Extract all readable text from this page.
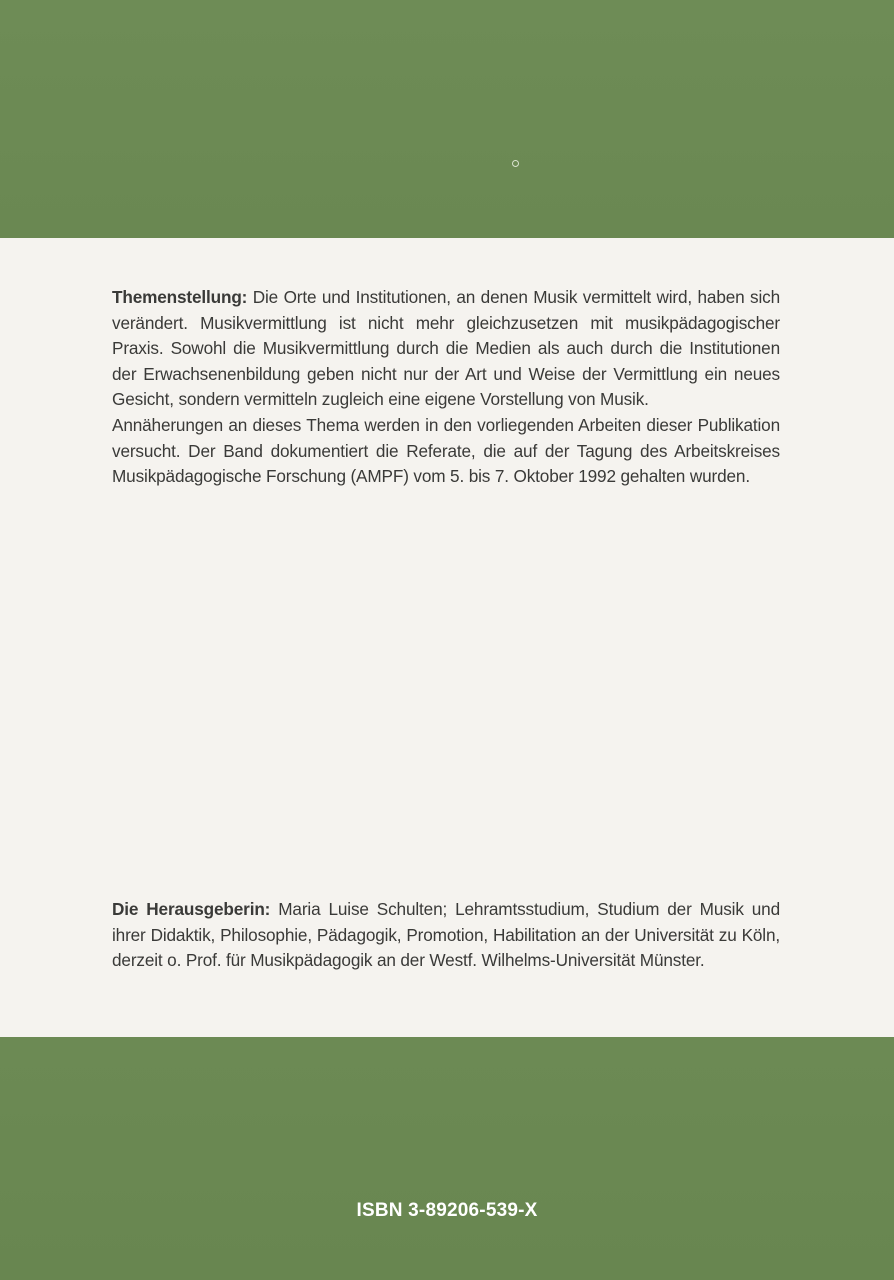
Themenstellung: Die Orte und Institutionen, an denen Musik vermittelt wird, haben sich verändert. Musikvermittlung ist nicht mehr gleichzusetzen mit musikpädagogischer Praxis. Sowohl die Musikvermittlung durch die Medien als auch durch die Institutionen der Erwachsenenbildung geben nicht nur der Art und Weise der Vermittlung ein neues Gesicht, sondern vermitteln zugleich eine eigene Vorstellung von Musik.

Annäherungen an dieses Thema werden in den vorliegenden Arbeiten dieser Publikation versucht. Der Band dokumentiert die Referate, die auf der Tagung des Arbeitskreises Musikpädagogische Forschung (AMPF) vom 5. bis 7. Oktober 1992 gehalten wurden.

Die Herausgeberin: Maria Luise Schulten; Lehramtsstudium, Studium der Musik und ihrer Didaktik, Philosophie, Pädagogik, Promotion, Habilitation an der Universität zu Köln, derzeit o. Prof. für Musikpädagogik an der Westf. Wilhelms-Universität Münster.

ISBN 3-89206-539-X
